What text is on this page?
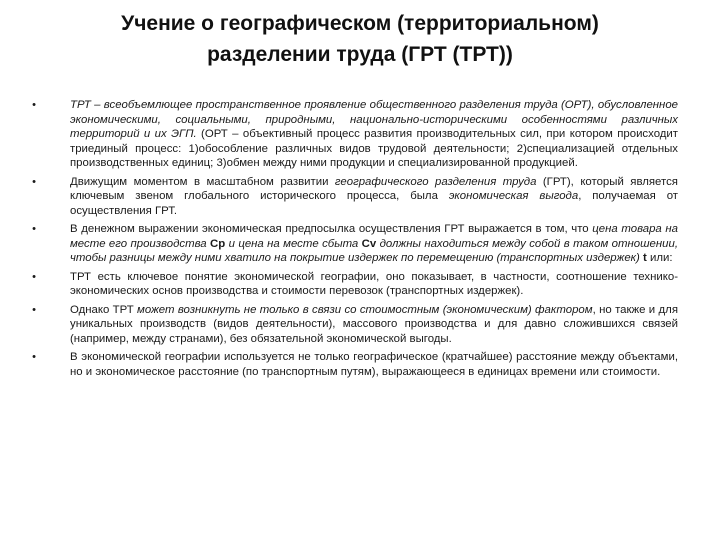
Учение о географическом (территориальном)
разделении труда (ГРТ (ТРТ))
•	ТРТ – всеобъемлющее пространственное проявление общественного разделения труда (ОРТ), обусловленное экономическими, социальными, природными, национально-историческими особенностями различных территорий и их ЭГП. (ОРТ – объективный процесс развития производительных сил, при котором происходит триединый процесс: 1)обособление различных видов трудовой деятельности; 2)специализацией отдельных производственных единиц; 3)обмен между ними продукции и специализированной продукцией.
•	Движущим моментом в масштабном развитии географического разделения труда (ГРТ), который является ключевым звеном глобального исторического процесса, была экономическая выгода, получаемая от осуществления ГРТ.
•	В денежном выражении экономическая предпосылка осуществления ГРТ выражается в том, что цена товара на месте его производства Ср и цена на месте сбыта Сv должны находиться между собой в таком отношении, чтобы разницы между ними хватило на покрытие издержек по перемещению (транспортных издержек) t или:
•	ТРТ есть ключевое понятие экономической географии, оно показывает, в частности, соотношение технико-экономических основ производства и стоимости перевозок (транспортных издержек).
•	Однако ТРТ может возникнуть не только в связи со стоимостным (экономическим) фактором, но также и для уникальных производств (видов деятельности), массового производства и для давно сложившихся связей (например, между странами), без обязательной экономической выгоды.
•	В экономической географии используется не только географическое (кратчайшее) расстояние между объектами, но и экономическое расстояние (по транспортным путям), выражающееся в единицах времени или стоимости.
